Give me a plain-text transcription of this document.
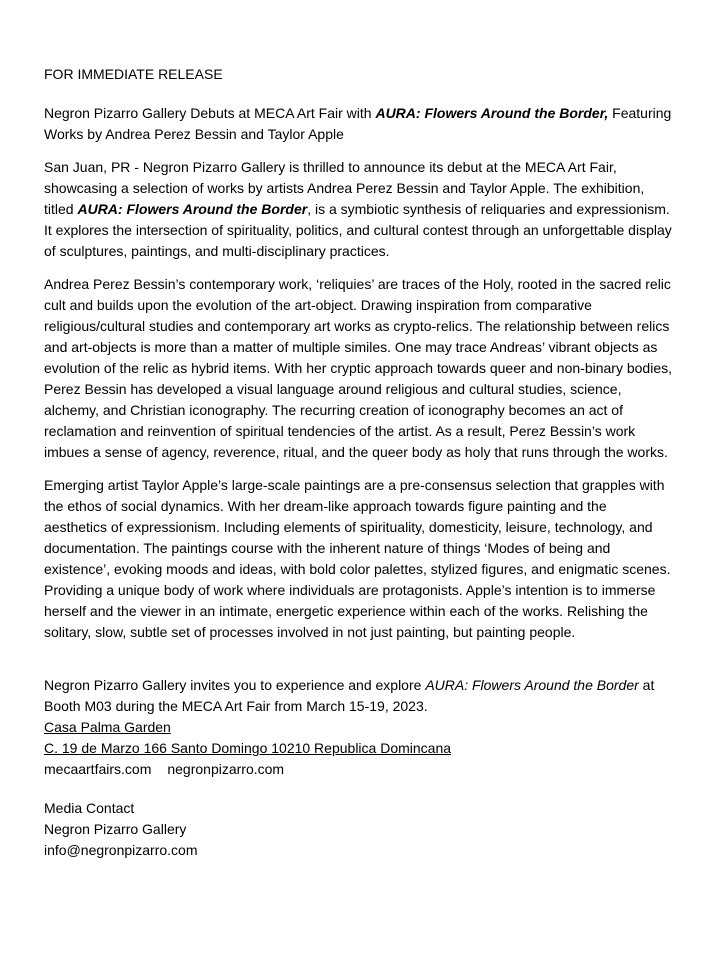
FOR IMMEDIATE RELEASE

Negron Pizarro Gallery Debuts at MECA Art Fair with AURA: Flowers Around the Border, Featuring Works by Andrea Perez Bessin and Taylor Apple

San Juan, PR - Negron Pizarro Gallery is thrilled to announce its debut at the MECA Art Fair, showcasing a selection of works by artists Andrea Perez Bessin and Taylor Apple. The exhibition, titled AURA: Flowers Around the Border, is a symbiotic synthesis of reliquaries and expressionism. It explores the intersection of spirituality, politics, and cultural contest through an unforgettable display of sculptures, paintings, and multi-disciplinary practices.

Andrea Perez Bessin’s contemporary work, ‘reliquies’ are traces of the Holy, rooted in the sacred relic cult and builds upon the evolution of the art-object. Drawing inspiration from comparative religious/cultural studies and contemporary art works as crypto-relics. The relationship between relics and art-objects is more than a matter of multiple similes. One may trace Andreas’ vibrant objects as evolution of the relic as hybrid items. With her cryptic approach towards queer and non-binary bodies, Perez Bessin has developed a visual language around religious and cultural studies, science, alchemy, and Christian iconography. The recurring creation of iconography becomes an act of reclamation and reinvention of spiritual tendencies of the artist. As a result, Perez Bessin’s work imbues a sense of agency, reverence, ritual, and the queer body as holy that runs through the works.

Emerging artist Taylor Apple’s large-scale paintings are a pre-consensus selection that grapples with the ethos of social dynamics. With her dream-like approach towards figure painting and the aesthetics of expressionism. Including elements of spirituality, domesticity, leisure, technology, and documentation. The paintings course with the inherent nature of things ‘Modes of being and existence’, evoking moods and ideas, with bold color palettes, stylized figures, and enigmatic scenes. Providing a unique body of work where individuals are protagonists. Apple’s intention is to immerse herself and the viewer in an intimate, energetic experience within each of the works. Relishing the solitary, slow, subtle set of processes involved in not just painting, but painting people.

Negron Pizarro Gallery invites you to experience and explore AURA: Flowers Around the Border at Booth M03 during the MECA Art Fair from March 15-19, 2023.

Casa Palma Garden
C. 19 de Marzo 166 Santo Domingo 10210 Republica Domincana
mecaartfairs.com negronpizarro.com
Media Contact
Negron Pizarro Gallery
info@negronpizarro.com
